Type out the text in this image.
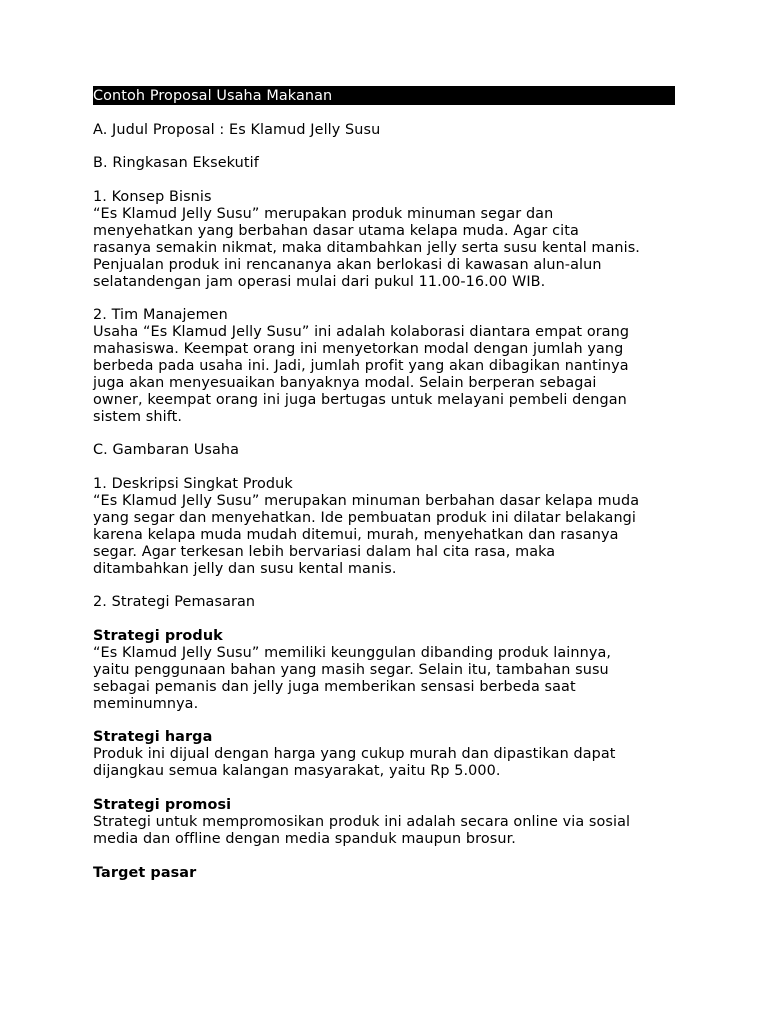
Contoh Proposal Usaha Makanan

A. Judul Proposal : Es Klamud Jelly Susu

B. Ringkasan Eksekutif

1. Konsep Bisnis

“Es Klamud Jelly Susu” merupakan produk minuman segar dan
menyehatkan yang berbahan dasar utama kelapa muda. Agar cita
rasanya semakin nikmat, maka ditambahkan jelly serta susu kental manis.
Penjualan produk ini rencananya akan berlokasi di kawasan alun-alun
selatandengan jam operasi mulai dari pukul 11.00-16.00 WIB.

2. Tim Manajemen

Usaha “Es Klamud Jelly Susu” ini adalah kolaborasi diantara empat orang
mahasiswa. Keempat orang ini menyetorkan modal dengan jumlah yang
berbeda pada usaha ini. Jadi, jumlah profit yang akan dibagikan nantinya
juga akan menyesuaikan banyaknya modal. Selain berperan sebagai
owner, keempat orang ini juga bertugas untuk melayani pembeli dengan
sistem shift.

C. Gambaran Usaha

1. Deskripsi Singkat Produk

“Es Klamud Jelly Susu” merupakan minuman berbahan dasar kelapa muda
yang segar dan menyehatkan. Ide pembuatan produk ini dilatar belakangi
karena kelapa muda mudah ditemui, murah, menyehatkan dan rasanya
segar. Agar terkesan lebih bervariasi dalam hal cita rasa, maka
ditambahkan jelly dan susu kental manis.

2. Strategi Pemasaran

Strategi produk

“Es Klamud Jelly Susu” memiliki keunggulan dibanding produk lainnya,
yaitu penggunaan bahan yang masih segar. Selain itu, tambahan susu
sebagai pemanis dan jelly juga memberikan sensasi berbeda saat
meminumnya.

Strategi harga

Produk ini dijual dengan harga yang cukup murah dan dipastikan dapat
dijangkau semua kalangan masyarakat, yaitu Rp 5.000.

Strategi promosi

Strategi untuk mempromosikan produk ini adalah secara online via sosial
media dan offline dengan media spanduk maupun brosur.

Target pasar
